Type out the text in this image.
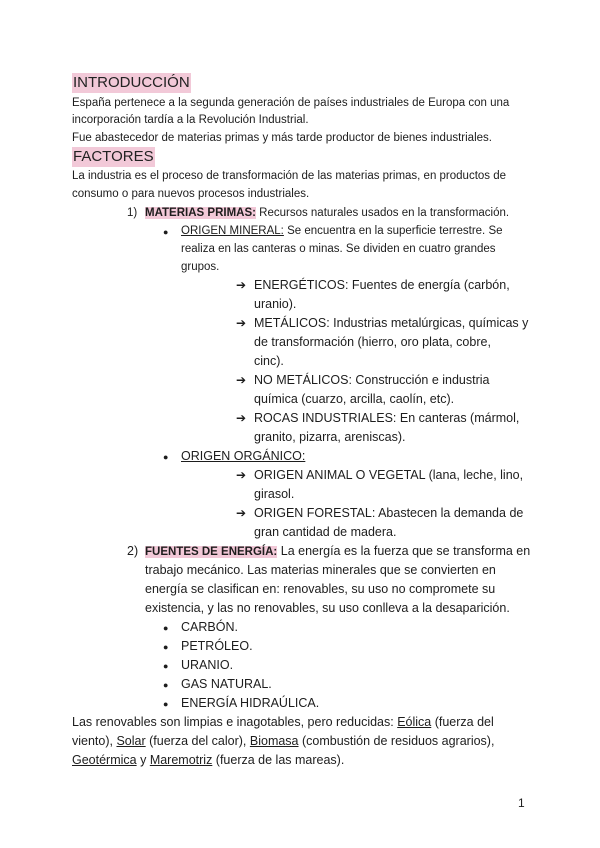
INTRODUCCIÓN
España pertenece a la segunda generación de países industriales de Europa con una
incorporación tardía a la Revolución Industrial.
Fue abastecedor de materias primas y más tarde productor de bienes industriales.
FACTORES
La industria es el proceso de transformación de las materias primas, en productos de
consumo o para nuevos procesos industriales.
1) MATERIAS PRIMAS: Recursos naturales usados en la transformación.
● ORIGEN MINERAL: Se encuentra en la superficie terrestre. Se
realiza en las canteras o minas. Se dividen en cuatro grandes
grupos.
➔ ENERGÉTICOS: Fuentes de energía (carbón,
uranio).
➔ METÁLICOS: Industrias metalúrgicas, químicas y
de transformación (hierro, oro plata, cobre,
cinc).
➔ NO METÁLICOS: Construcción e industria
química (cuarzo, arcilla, caolín, etc).
➔ ROCAS INDUSTRIALES: En canteras (mármol,
granito, pizarra, areniscas).
● ORIGEN ORGÁNICO:
➔ ORIGEN ANIMAL O VEGETAL (lana, leche, lino,
girasol.
➔ ORIGEN FORESTAL: Abastecen la demanda de
gran cantidad de madera.
2) FUENTES DE ENERGÍA: La energía es la fuerza que se transforma en
trabajo mecánico. Las materias minerales que se convierten en
energía se clasifican en: renovables, su uso no compromete su
existencia, y las no renovables, su uso conlleva a la desaparición.
● CARBÓN.
● PETRÓLEO.
● URANIO.
● GAS NATURAL.
● ENERGÍA HIDRAÚLICA.
Las renovables son limpias e inagotables, pero reducidas: Eólica (fuerza del
viento), Solar (fuerza del calor), Biomasa (combustión de residuos agrarios),
Geotérmica y Maremotriz (fuerza de las mareas).
1
